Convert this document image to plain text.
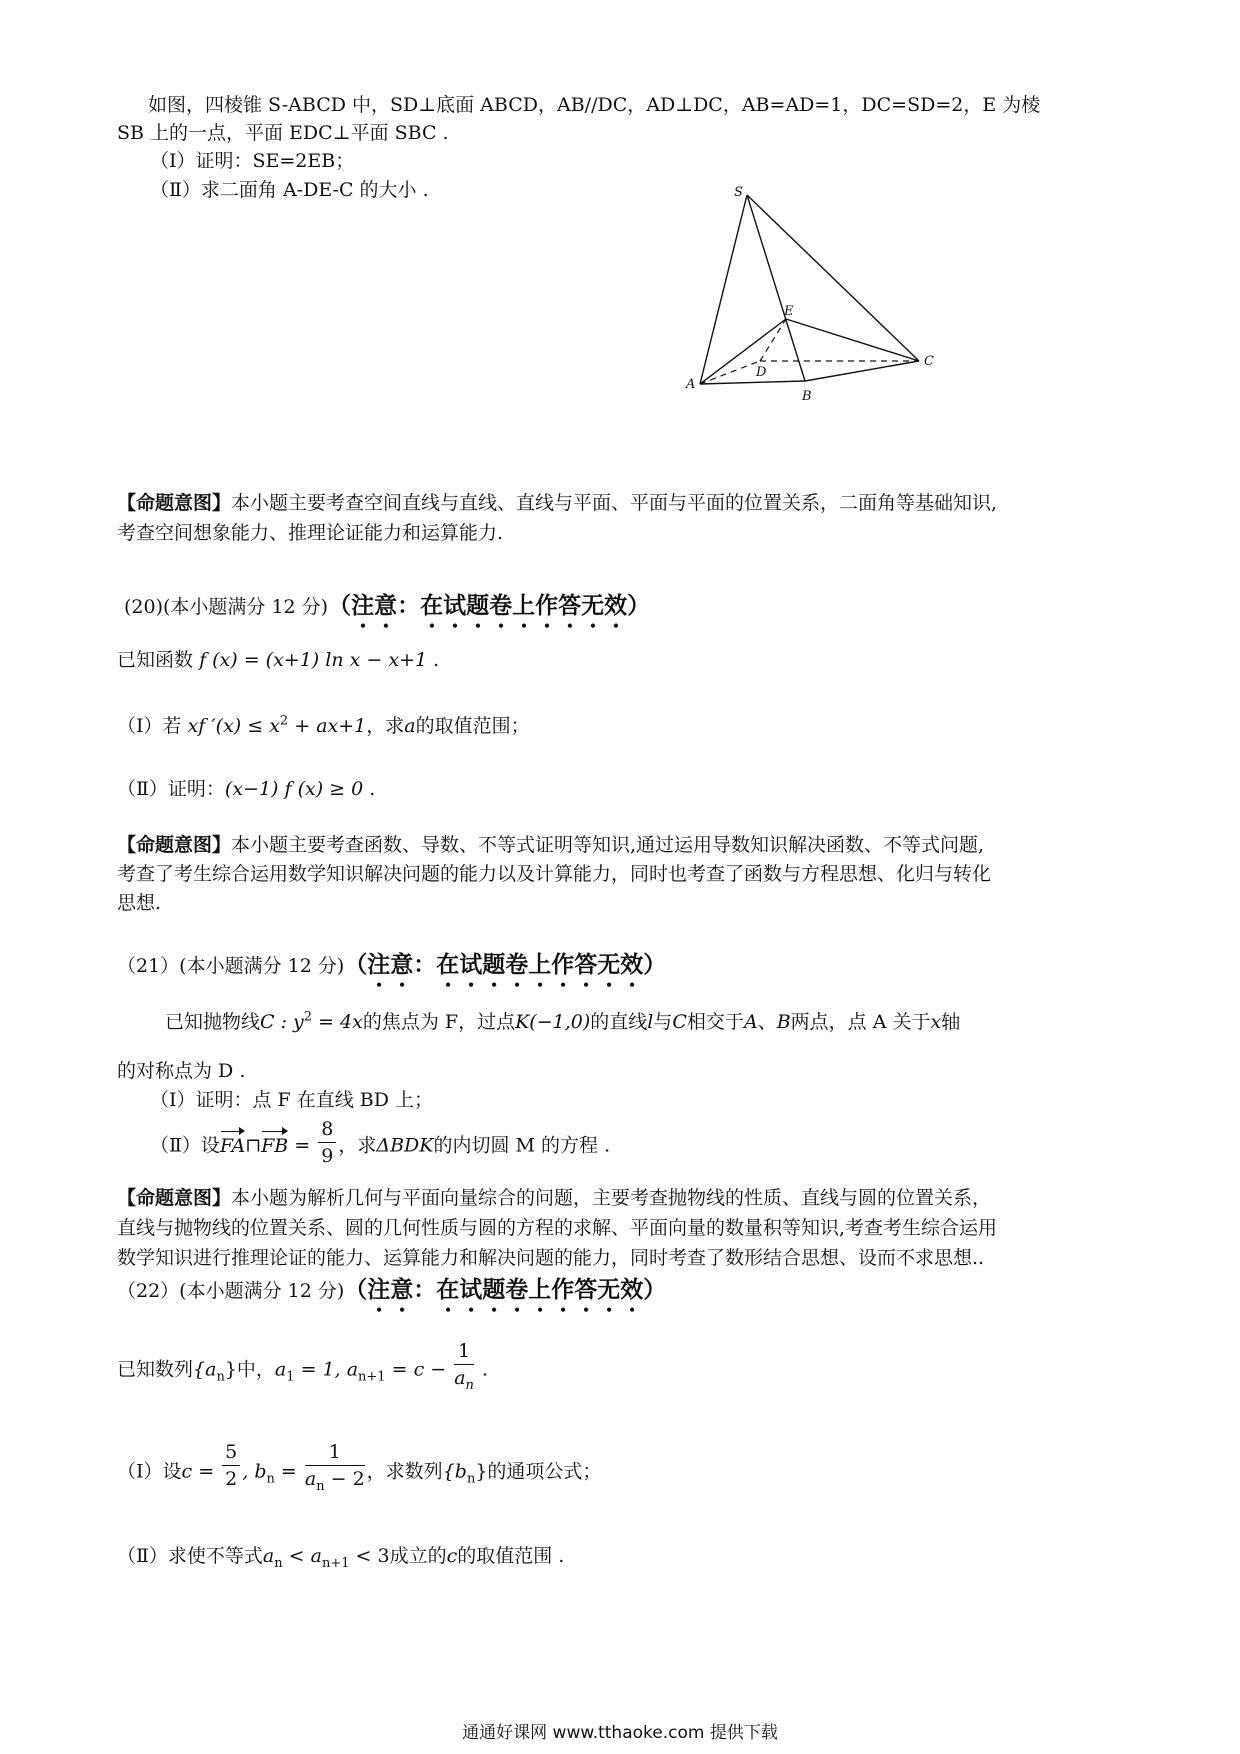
如图，四棱锥 S-ABCD 中，SD⊥底面 ABCD，AB//DC，AD⊥DC，AB=AD=1，DC=SD=2，E 为棱
SB 上的一点，平面 EDC⊥平面 SBC .
（Ⅰ）证明：SE=2EB；
（Ⅱ）求二面角 A-DE-C 的大小 .	S
E
D
A
B
C
【命题意图】本小题主要考查空间直线与直线、直线与平面、平面与平面的位置关系，二面角等基础知识,
考查空间想象能力、推理论证能力和运算能力.
(20)(本小题满分 12 分)（注意：在试题卷上作答无效）
已知函数 f (x) = (x+1) ln x − x+1 .
（Ⅰ）若 xf $'(x) \le x^2 + ax+1$，求a的取值范围；
（Ⅱ）证明：(x−1) f (x) ≥ 0 .
【命题意图】本小题主要考查函数、导数、不等式证明等知识,通过运用导数知识解决函数、不等式问题,
考查了考生综合运用数学知识解决问题的能力以及计算能力，同时也考查了函数与方程思想、化归与转化
思想.
（21）(本小题满分 12 分)（注意：在试题卷上作答无效）
已知抛物线C : $y^2 = 4x$的焦点为 F，过点K(−1,0)的直线l与C相交于A、B两点，点 A 关于x轴
的对称点为 D .
（Ⅰ）证明：点 F 在直线 BD 上；
（Ⅱ）设FA⊓FB = $\frac{8}{9}$ ，求ΔBDK的内切圆 M 的方程 .
【命题意图】本小题为解析几何与平面向量综合的问题，主要考查抛物线的性质、直线与圆的位置关系，
直线与抛物线的位置关系、圆的几何性质与圆的方程的求解、平面向量的数量积等知识,考查考生综合运用
数学知识进行推理论证的能力、运算能力和解决问题的能力，同时考查了数形结合思想、设而不求思想..
（22）(本小题满分 12 分)（注意：在试题卷上作答无效）
已知数列$\{a_n\}$中，$a_1 = 1$, $a_{n+1} = c - \frac{1}{a_n}$ .
（Ⅰ）设$c = \frac{5}{2}$ , $b_n = \frac{1}{a_n - 2}$ ，求数列$\{b_n\}$的通项公式；
（Ⅱ）求使不等式$a_n < a_{n+1} < 3$成立的c的取值范围 .
通通好课网 www.tthaoke.com 提供下载
